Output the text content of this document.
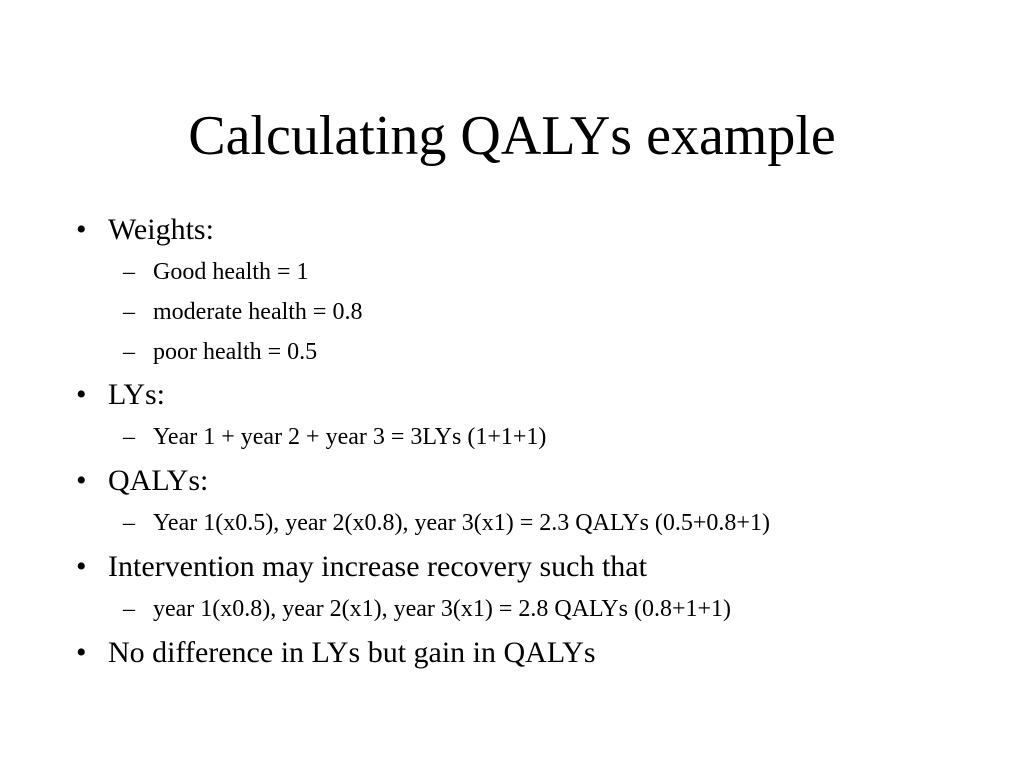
Calculating QALYs example
• Weights:
– Good health = 1
– moderate health = 0.8
– poor health = 0.5
• LYs:
– Year 1 + year 2 + year 3 = 3LYs (1+1+1)
• QALYs:
– Year 1(x0.5), year 2(x0.8), year 3(x1) = 2.3 QALYs (0.5+0.8+1)
• Intervention may increase recovery such that
– year 1(x0.8), year 2(x1), year 3(x1) = 2.8 QALYs (0.8+1+1)
• No difference in LYs but gain in QALYs
